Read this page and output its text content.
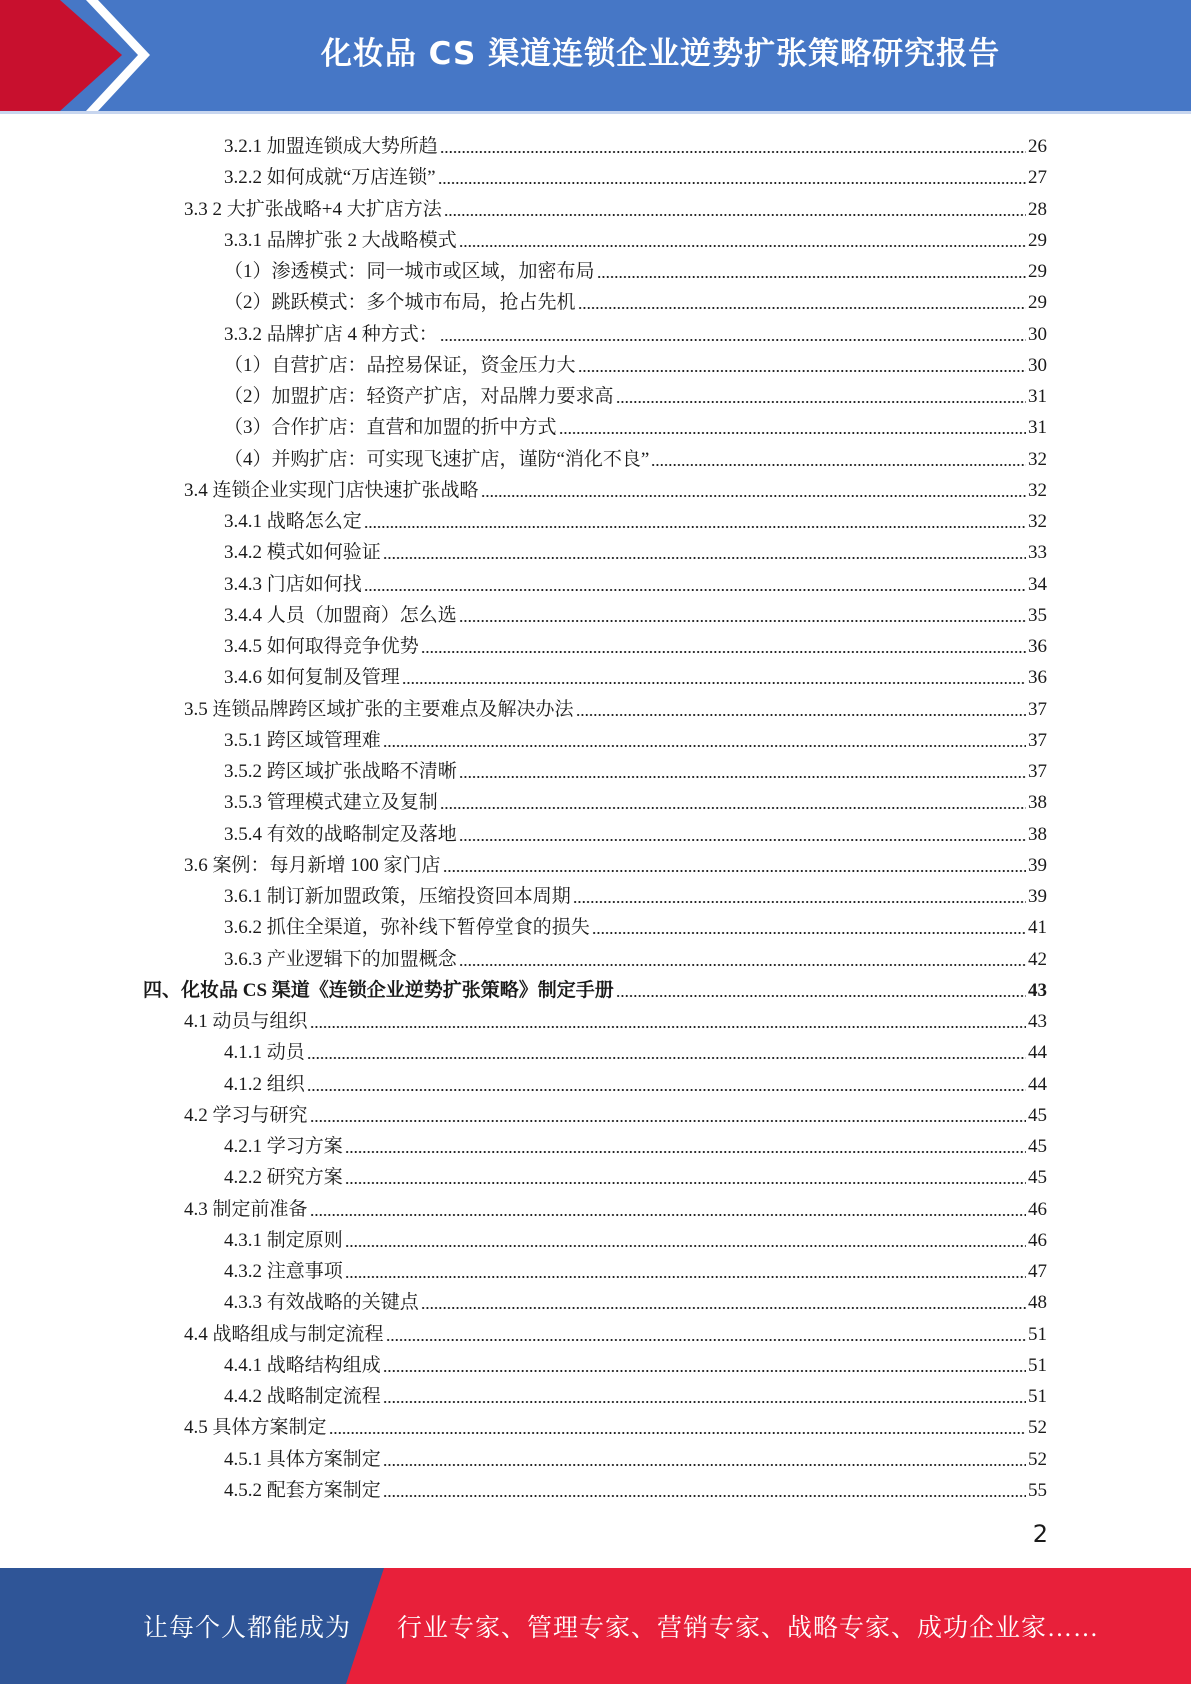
化妆品 CS 渠道连锁企业逆势扩张策略研究报告
3.2.1 加盟连锁成大势所趋	26
3.2.2 如何成就“万店连锁”	27
3.3 2 大扩张战略+4 大扩店方法	28
3.3.1 品牌扩张 2 大战略模式	29
（1）渗透模式：同一城市或区域，加密布局	29
（2）跳跃模式：多个城市布局，抢占先机	29
3.3.2 品牌扩店 4 种方式：	30
（1）自营扩店：品控易保证，资金压力大	30
（2）加盟扩店：轻资产扩店，对品牌力要求高	31
（3）合作扩店：直营和加盟的折中方式	31
（4）并购扩店：可实现飞速扩店，谨防“消化不良”	32
3.4 连锁企业实现门店快速扩张战略	32
3.4.1 战略怎么定	32
3.4.2 模式如何验证	33
3.4.3 门店如何找	34
3.4.4 人员（加盟商）怎么选	35
3.4.5 如何取得竞争优势	36
3.4.6 如何复制及管理	36
3.5 连锁品牌跨区域扩张的主要难点及解决办法	37
3.5.1 跨区域管理难	37
3.5.2 跨区域扩张战略不清晰	37
3.5.3 管理模式建立及复制	38
3.5.4 有效的战略制定及落地	38
3.6 案例：每月新增 100 家门店	39
3.6.1 制订新加盟政策，压缩投资回本周期	39
3.6.2 抓住全渠道，弥补线下暂停堂食的损失	41
3.6.3 产业逻辑下的加盟概念	42
四、化妆品 CS 渠道《连锁企业逆势扩张策略》制定手册	43
4.1 动员与组织	43
4.1.1 动员	44
4.1.2 组织	44
4.2 学习与研究	45
4.2.1 学习方案	45
4.2.2 研究方案	45
4.3 制定前准备	46
4.3.1 制定原则	46
4.3.2 注意事项	47
4.3.3 有效战略的关键点	48
4.4 战略组成与制定流程	51
4.4.1 战略结构组成	51
4.4.2 战略制定流程	51
4.5 具体方案制定	52
4.5.1 具体方案制定	52
4.5.2 配套方案制定	55
2
让每个人都能成为 行业专家、管理专家、营销专家、战略专家、成功企业家……
